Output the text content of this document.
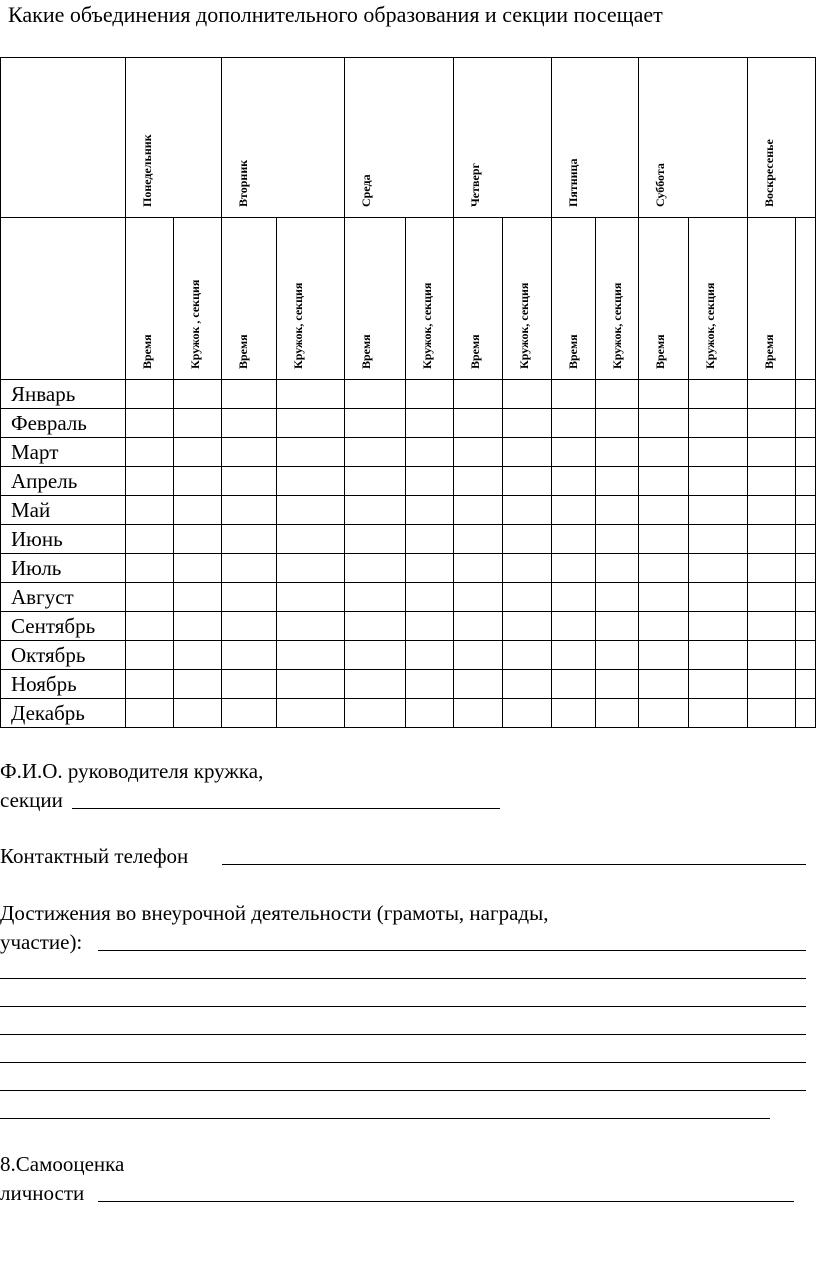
Какие объединения дополнительного образования и секции посещает

	Понедельник		Вторник		Среда		Четверг		Пятница		Суббота		Воскресенье	

	Время	Кружок , секция	Время	Кружок, секция	Время	Кружок, секция	Время	Кружок, секция	Время	Кружок, секция	Время	Кружок, секция	Время	

Январь														
Февраль														
Март														
Апрель														
Май														
Июнь														
Июль														
Август														
Сентябрь														
Октябрь														
Ноябрь														
Декабрь														
Ф.И.О. руководителя кружка,
секции
Контактный телефон
Достижения во внеурочной деятельности (грамоты, награды,
участие):
8.Самооценка
личности
